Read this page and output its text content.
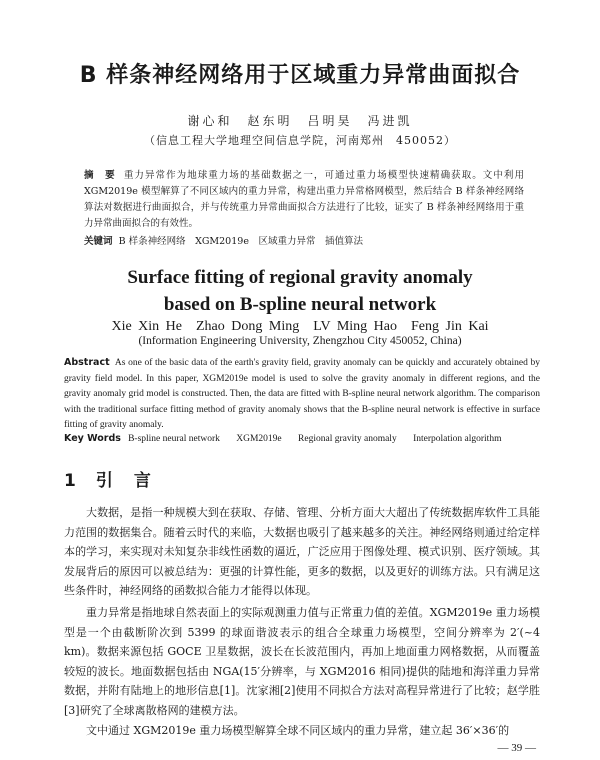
B 样条神经网络用于区域重力异常曲面拟合
谢心和　赵东明　吕明昊　冯进凯
（信息工程大学地理空间信息学院，河南郑州　450052）
摘　要 重力异常作为地球重力场的基础数据之一，可通过重力场模型快速精确获取。文中利用 XGM2019e 模型解算了不同区域内的重力异常，构建出重力异常格网模型，然后结合 B 样条神经网络算法对数据进行曲面拟合，并与传统重力异常曲面拟合方法进行了比较，证实了 B 样条神经网络用于重力异常曲面拟合的有效性。
关键词 B 样条神经网络　XGM2019e　区域重力异常　插值算法
Surface fitting of regional gravity anomaly
based on B-spline neural network
Xie Xin He　Zhao Dong Ming　LV Ming Hao　Feng Jin Kai
(Information Engineering University, Zhengzhou City 450052, China)
Abstract As one of the basic data of the earth's gravity field, gravity anomaly can be quickly and accurately obtained by gravity field model. In this paper, XGM2019e model is used to solve the gravity anomaly in different regions, and the gravity anomaly grid model is constructed. Then, the data are fitted with B-spline neural network algorithm. The comparison with the traditional surface fitting method of gravity anomaly shows that the B-spline neural network is effective in surface fitting of gravity anomaly.
Key Words B-spline neural network XGM2019e Regional gravity anomaly Interpolation algorithm
1 引　言

大数据，是指一种规模大到在获取、存储、管理、分析方面大大超出了传统数据库软件工具能力范围的数据集合。随着云时代的来临，大数据也吸引了越来越多的关注。神经网络则通过给定样本的学习，来实现对未知复杂非线性函数的逼近，广泛应用于图像处理、模式识别、医疗领域。其发展背后的原因可以被总结为：更强的计算性能，更多的数据，以及更好的训练方法。只有满足这些条件时，神经网络的函数拟合能力才能得以体现。

重力异常是指地球自然表面上的实际观测重力值与正常重力值的差值。XGM2019e 重力场模型是一个由截断阶次到 5399 的球面谐波表示的组合全球重力场模型，空间分辨率为 2′(~4 km)。数据来源包括 GOCE 卫星数据，波长在长波范围内，再加上地面重力网格数据，从而覆盖较短的波长。地面数据包括由 NGA(15′分辨率，与 XGM2016 相同)提供的陆地和海洋重力异常数据，并附有陆地上的地形信息[1]。沈家湘[2]使用不同拟合方法对高程异常进行了比较；赵学胜[3]研究了全球离散格网的建模方法。

文中通过 XGM2019e 重力场模型解算全球不同区域内的重力异常，建立起 36′×36′的

— 39 —
